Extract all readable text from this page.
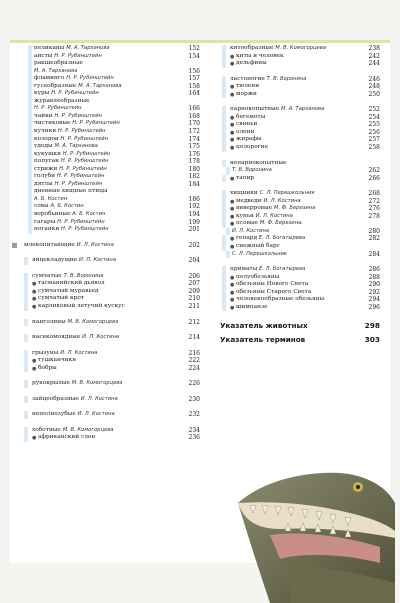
пеликаны М. А. Тарханова	152
аисты Н. Р. Рубинштейн	154
ракшеобразные
М. А. Тарханова	156
фламинго Н. Р. Рубинштейн	157
гусеобразные М. А. Тарханова	158
куры Н. Р. Рубинштейн	164
журавлеобразные
Н. Р. Рубинштейн	166
чайки Н. Р. Рубинштейн	168
чистиковые Н. Р. Рубинштейн	170
кулики Н. Р. Рубинштейн	172
козодои Н. Р. Рубинштейн	174
удоды М. А. Тарханова	175
кукушки Н. Р. Рубинштейн	176
попугаи Н. Р. Рубинштейн	178
стрижи Н. Р. Рубинштейн	180
голуби Н. Р. Рубинштейн	182
дятлы Н. Р. Рубинштейн	184
дневные хищные птицы
А. Б. Костин	186
совы А. Б. Костин	192
воробьиные А. Б. Костин	194
гагары Н. Р. Рубинштейн	199
поганки Н. Р. Рубинштейн	201
млекопитающие И. Л. Костина	202
яйцекладущие И. Л. Костина	204
сумчатые Т. В. Воронина	206
● тасманийский дьявол	207
● сумчатый муравьед	209
● сумчатый крот	210
● карликовый летучий кускус	211
панголины М. В. Комогорцева	212
насекомоядные И. Л. Костина	214
грызуны И. Л. Костина	216
● тушканчики	222
● бобры	224
рукокрылые М. В. Комогорцева	226
зайцеобразные И. Л. Костина	230
неполнозубые И. Л. Костина	232
хоботные М. В. Комогорцева	234
● африканский слон	236
китообразные М. В. Комогорцева	238
● киты и человек	242
● дельфины	244
ластоногие Т. В. Воронина	246
● тюлени	248
● моржи	250
парнокопытные М. А. Тарханова	252
● бегемоты	254
● свиньи	255
● олени	256
● жирафы	257
● полорогие	258
непарнокопытные
Т. В. Воронина	262
● тапир	266
хищники С. Л. Перешкольник	268
● медведи И. Л. Костина	272
● виверровые М. Ф. Березина	276
● куньи И. Л. Костина	278
● псовые М. Ф. Березина,
И. Л. Костина	280
● гепард Е. Л. Богатырева	282
● снежный барс
С. Л. Перешкольник	284
приматы Е. Л. Богатырева	286
● полуобезьяны	288
● обезьяны Нового Света	290
● обезьяны Старого Света	292
● человекообразные обезьяны	294
● шимпанзе	296
Указатель животных	298
Указатель терминов	303
